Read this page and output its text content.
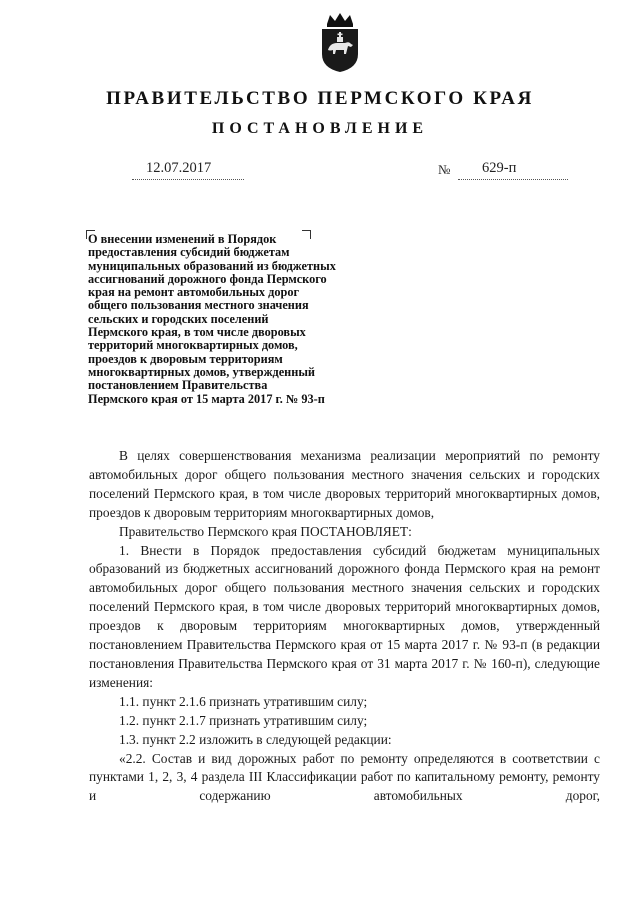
ПРАВИТЕЛЬСТВО ПЕРМСКОГО КРАЯ
ПОСТАНОВЛЕНИЕ
12.07.2017	№ 629-п
О внесении изменений в Порядок
предоставления субсидий бюджетам
муниципальных образований из бюджетных
ассигнований дорожного фонда Пермского
края на ремонт автомобильных дорог
общего пользования местного значения
сельских и городских поселений
Пермского края, в том числе дворовых
территорий многоквартирных домов,
проездов к дворовым территориям
многоквартирных домов, утвержденный
постановлением Правительства
Пермского края от 15 марта 2017 г. № 93-п

В целях совершенствования механизма реализации мероприятий по ремонту автомобильных дорог общего пользования местного значения сельских и городских поселений Пермского края, в том числе дворовых территорий многоквартирных домов, проездов к дворовым территориям многоквартирных домов,

Правительство Пермского края ПОСТАНОВЛЯЕТ:

1. Внести в Порядок предоставления субсидий бюджетам муниципальных образований из бюджетных ассигнований дорожного фонда Пермского края на ремонт автомобильных дорог общего пользования местного значения сельских и городских поселений Пермского края, в том числе дворовых территорий многоквартирных домов, проездов к дворовым территориям многоквартирных домов, утвержденный постановлением Правительства Пермского края от 15 марта 2017 г. № 93-п (в редакции постановления Правительства Пермского края от 31 марта 2017 г. № 160-п), следующие изменения:

1.1. пункт 2.1.6 признать утратившим силу;

1.2. пункт 2.1.7 признать утратившим силу;

1.3. пункт 2.2 изложить в следующей редакции:

«2.2. Состав и вид дорожных работ по ремонту определяются в соответствии с пунктами 1, 2, 3, 4 раздела III Классификации работ по капитальному ремонту, ремонту и содержанию автомобильных дорог,
